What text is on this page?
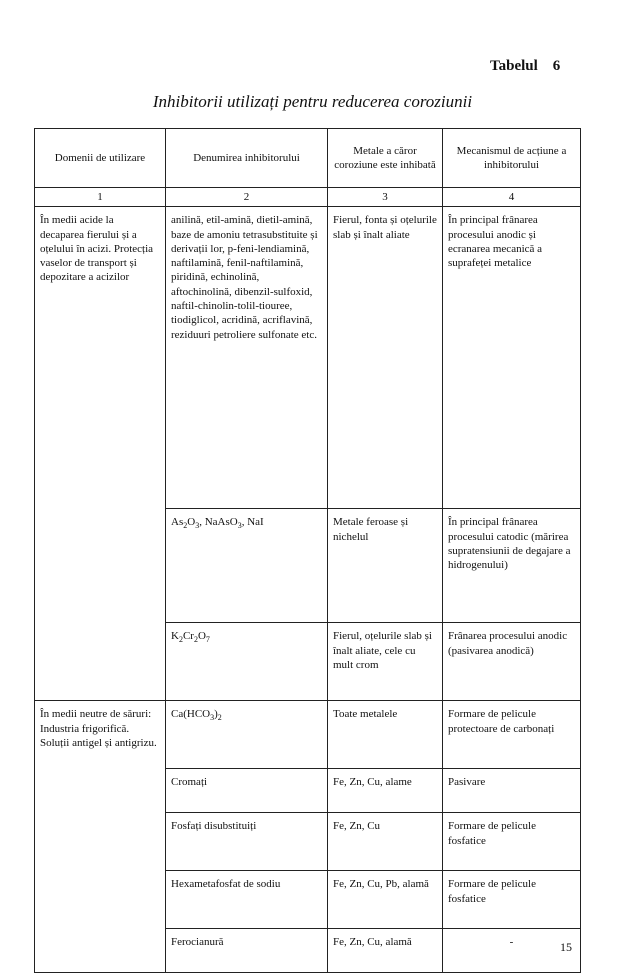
Tabelul    6
Inhibitorii utilizați pentru reducerea coroziunii
Domenii de utilizare	Denumirea inhibitorului	Metale a căror coroziune este inhibată	Mecanismul de acțiune a inhibitorului
1	2	3	4
În medii acide la decaparea fierului și a oțelului în acizi. Protecția vaselor de transport și depozitare a acizilor	anilină, etil-amină, dietil-amină, baze de amoniu tetrasubstituite și derivații lor, p-feni-lendiamină, naftilamină, fenil-naftilamină, piridină, echinolină, aftochinolină, dibenzil-sulfoxid, naftil-chinolin-tolil-tiouree, tiodiglicol, acridină, acriflavină, reziduuri petroliere sulfonate etc.	Fierul, fonta și oțelurile slab și înalt aliate	În principal frânarea procesului anodic și ecranarea mecanică a suprafeței metalice
	$As_2O_3$, NaAsO$_3$, NaI	Metale feroase și nichelul	În principal frânarea procesului catodic (mărirea supratensiunii de degajare a hidrogenului)
	$K_2Cr_2O_7$	Fierul, oțelurile slab și înalt aliate, cele cu mult crom	Frânarea procesului anodic (pasivarea anodică)
În medii neutre de săruri: Industria frigorifică. Soluții antigel și antigrizu.	$Ca(HCO_3)_2$	Toate metalele	Formare de pelicule protectoare de carbonați
	Cromați	Fe, Zn, Cu, alame	Pasivare
	Fosfați disubstituiți	Fe, Zn, Cu	Formare de pelicule fosfatice
	Hexametafosfat de sodiu	Fe, Zn, Cu, Pb, alamă	Formare de pelicule fosfatice
	Ferocianură	Fe, Zn, Cu, alamă	-	15
